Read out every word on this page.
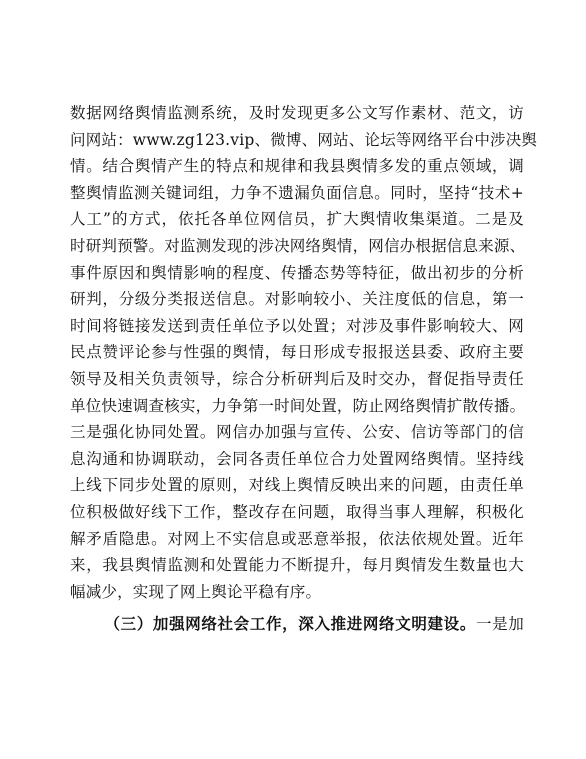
数据网络舆情监测系统，及时发现更多公文写作素材、范文，访
问网站：www.zg123.vip、微博、网站、论坛等网络平台中涉决舆
情。结合舆情产生的特点和规律和我县舆情多发的重点领域，调
整舆情监测关键词组，力争不遗漏负面信息。同时，坚持“技术+
人工”的方式，依托各单位网信员，扩大舆情收集渠道。二是及
时研判预警。对监测发现的涉决网络舆情，网信办根据信息来源、
事件原因和舆情影响的程度、传播态势等特征，做出初步的分析
研判，分级分类报送信息。对影响较小、关注度低的信息，第一
时间将链接发送到责任单位予以处置；对涉及事件影响较大、网
民点赞评论参与性强的舆情，每日形成专报报送县委、政府主要
领导及相关负责领导，综合分析研判后及时交办，督促指导责任
单位快速调查核实，力争第一时间处置，防止网络舆情扩散传播。
三是强化协同处置。网信办加强与宣传、公安、信访等部门的信
息沟通和协调联动，会同各责任单位合力处置网络舆情。坚持线
上线下同步处置的原则，对线上舆情反映出来的问题，由责任单
位积极做好线下工作，整改存在问题，取得当事人理解，积极化
解矛盾隐患。对网上不实信息或恶意举报，依法依规处置。近年
来，我县舆情监测和处置能力不断提升，每月舆情发生数量也大
幅减少，实现了网上舆论平稳有序。
（三）加强网络社会工作，深入推进网络文明建设。一是加
